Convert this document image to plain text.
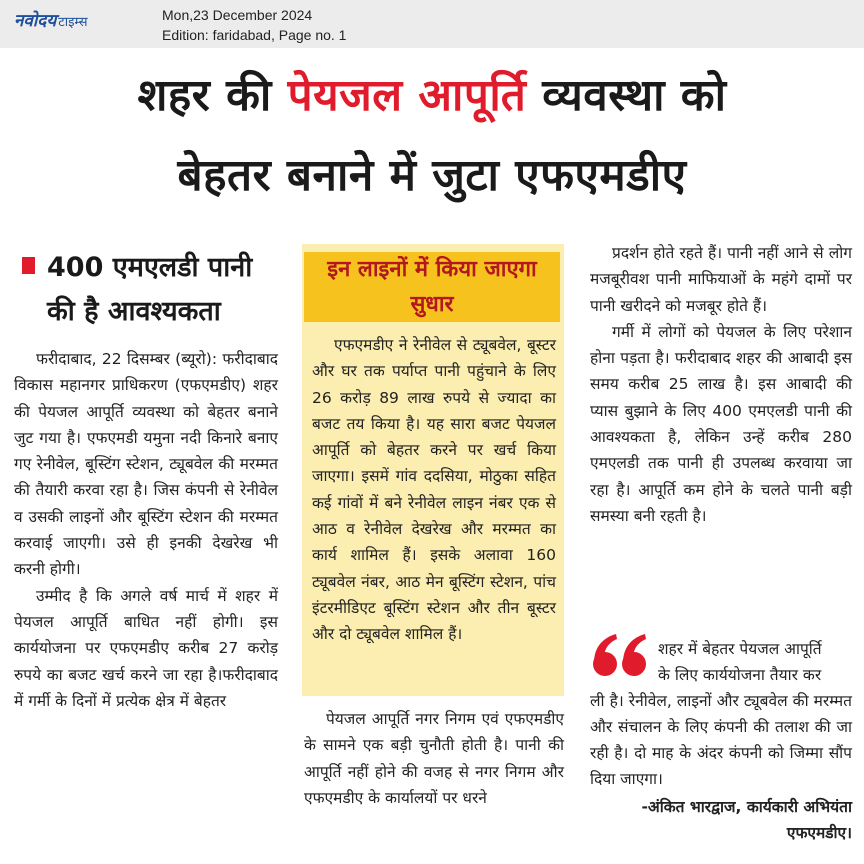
नवोदय टाइम्स	Mon,23 December 2024
Edition: faridabad, Page no. 1
शहर की पेयजल आपूर्ति व्यवस्था को
बेहतर बनाने में जुटा एफएमडीए
400 एमएलडी पानी
की है आवश्यकता

फरीदाबाद, 22 दिसम्बर (ब्यूरो): फरीदाबाद विकास महानगर प्राधिकरण (एफएमडीए) शहर की पेयजल आपूर्ति व्यवस्था को बेहतर बनाने जुट गया है। एफएमडी यमुना नदी किनारे बनाए गए रेनीवेल, बूस्टिंग स्टेशन, ट्यूबवेल की मरम्मत की तैयारी करवा रहा है। जिस कंपनी से रेनीवेल व उसकी लाइनों और बूस्टिंग स्टेशन की मरम्मत करवाई जाएगी। उसे ही इनकी देखरेख भी करनी होगी।

उम्मीद है कि अगले वर्ष मार्च में शहर में पेयजल आपूर्ति बाधित नहीं होगी। इस कार्ययोजना पर एफएमडीए करीब 27 करोड़ रुपये का बजट खर्च करने जा रहा है।फरीदाबाद में गर्मी के दिनों में प्रत्येक क्षेत्र में बेहतर

इन लाइनों में किया जाएगा सुधार

एफएमडीए ने रेनीवेल से ट्यूबवेल, बूस्टर और घर तक पर्याप्त पानी पहुंचाने के लिए 26 करोड़ 89 लाख रुपये से ज्यादा का बजट तय किया है। यह सारा बजट पेयजल आपूर्ति को बेहतर करने पर खर्च किया जाएगा। इसमें गांव ददसिया, मोठुका सहित कई गांवों में बने रेनीवेल लाइन नंबर एक से आठ व रेनीवेल देखरेख और मरम्मत का कार्य शामिल हैं। इसके अलावा 160 ट्यूबवेल नंबर, आठ मेन बूस्टिंग स्टेशन, पांच इंटरमीडिएट बूस्टिंग स्टेशन और तीन बूस्टर और दो ट्यूबवेल शामिल हैं।

पेयजल आपूर्ति नगर निगम एवं एफएमडीए के सामने एक बड़ी चुनौती होती है। पानी की आपूर्ति नहीं होने की वजह से नगर निगम और एफएमडीए के कार्यालयों पर धरने

प्रदर्शन होते रहते हैं। पानी नहीं आने से लोग मजबूरीवश पानी माफियाओं के महंगे दामों पर पानी खरीदने को मजबूर होते हैं।

गर्मी में लोगों को पेयजल के लिए परेशान होना पड़ता है। फरीदाबाद शहर की आबादी इस समय करीब 25 लाख है। इस आबादी की प्यास बुझाने के लिए 400 एमएलडी पानी की आवश्यकता है, लेकिन उन्हें करीब 280 एमएलडी तक पानी ही उपलब्ध करवाया जा रहा है। आपूर्ति कम होने के चलते पानी बड़ी समस्या बनी रहती है।

शहर में बेहतर पेयजल आपूर्ति
के लिए कार्ययोजना तैयार कर
ली है। रेनीवेल, लाइनों और ट्यूबवेल की मरम्मत और संचालन के लिए कंपनी की तलाश की जा रही है। दो माह के अंदर कंपनी को जिम्मा सौंप दिया जाएगा।
-अंकित भारद्वाज, कार्यकारी अभियंता एफएमडीए।
